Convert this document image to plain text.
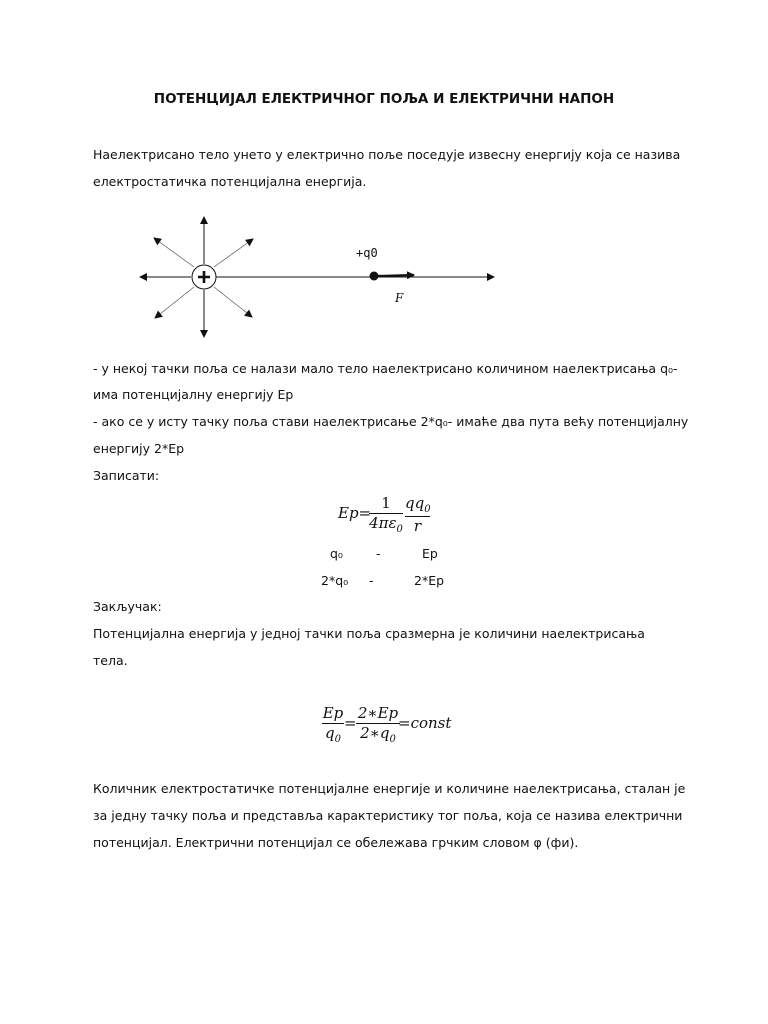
ПОТЕНЦИЈАЛ ЕЛЕКТРИЧНОГ ПОЉА И ЕЛЕКТРИЧНИ НАПОН
Наелектрисано тело унето у електрично поље поседује извесну енергију која се назива
електростатичка потенцијална енергија.
+q0
F
- у некој тачки поља се налази мало тело наелектрисано количином наелектрисања q₀-
има потенцијалну енергију Ep
- ако се у исту тачку поља стави наелектрисање 2*q₀- имаће два пута већу потенцијалну
енергију 2*Ep
Записати:
Ep=
1
$4\pi\varepsilon_0$
$qq_0$
r
q₀	-	Ep
2*q₀ -	2*Ep
Закључак:
Потенцијална енергија у једној тачки поља сразмерна је количини наелектрисања
тела.
Ep
$q_0$
=
2∗Ep
$2∗q_0$
=const
Количник електростатичке потенцијалне енергије и количине наелектрисања, сталан је
за једну тачку поља и представља карактеристику тог поља, која се назива електрични
потенцијал. Електрични потенцијал се обележава грчким словом φ (фи).
